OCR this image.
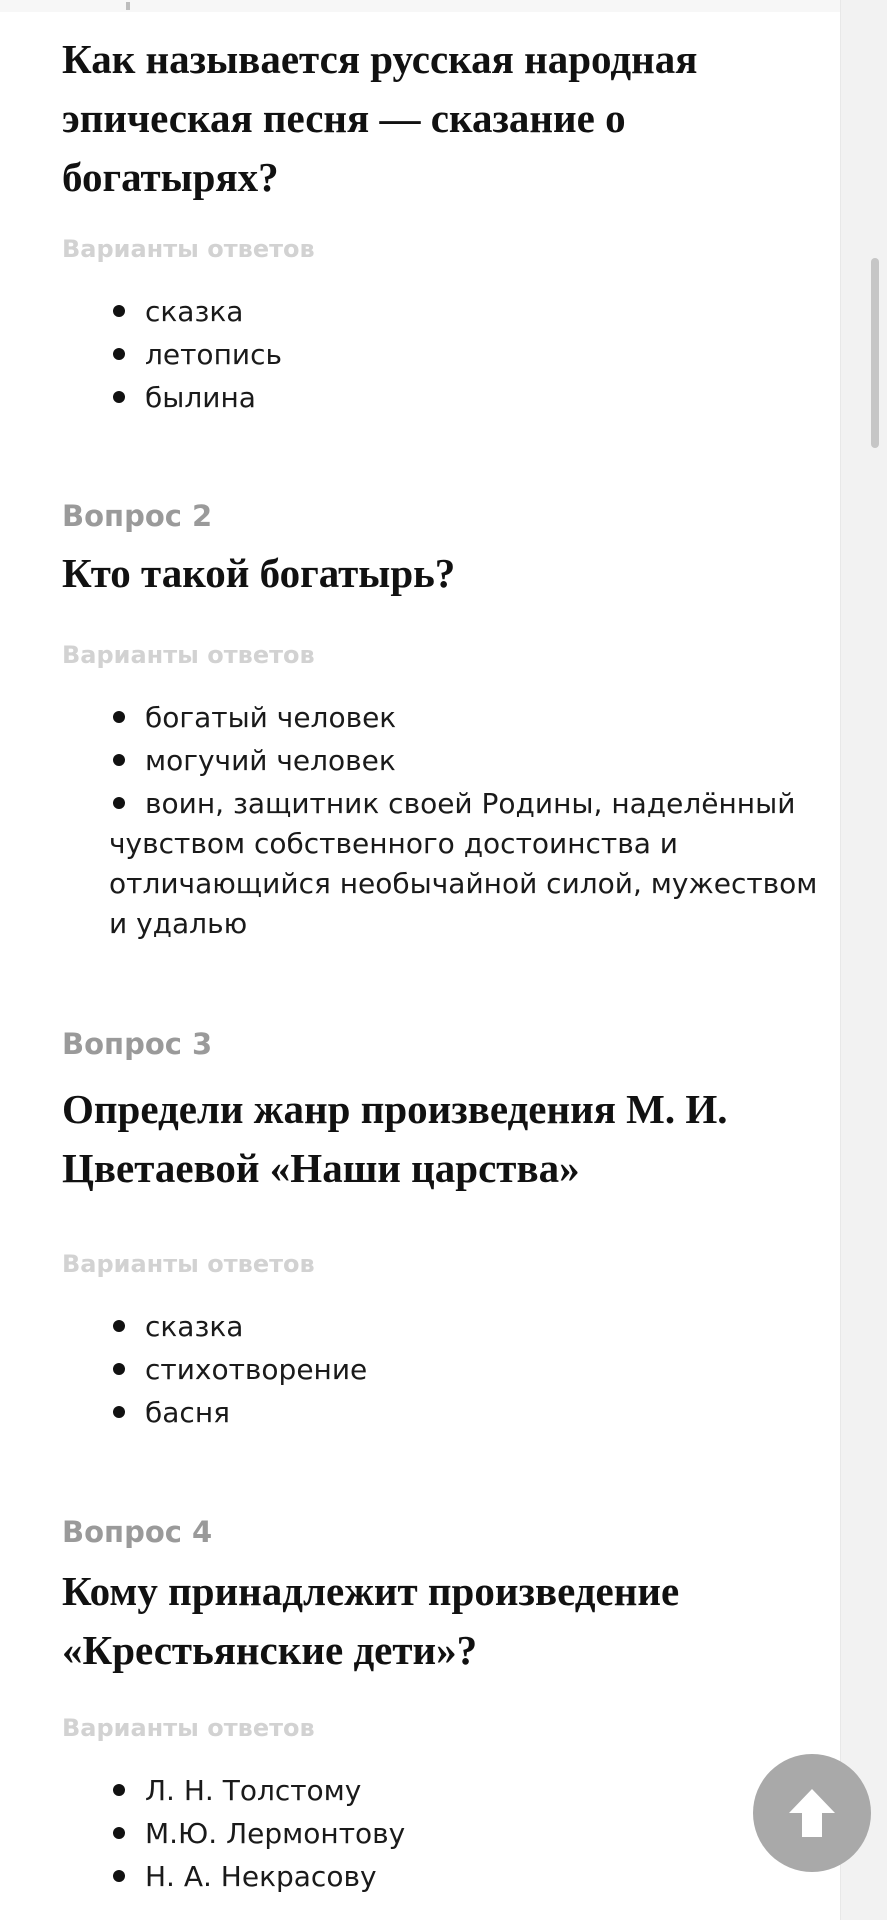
Как называется русская народная эпическая песня — сказание о богатырях?
Варианты ответов
сказка
летопись
былина
Вопрос 2
Кто такой богатырь?
Варианты ответов
богатый человек
могучий человек
воин, защитник своей Родины, наделённый чувством собственного достоинства и отличающийся необычайной силой, мужеством и удалью
Вопрос 3
Определи жанр произведения М. И. Цветаевой «Наши царства»
Варианты ответов
сказка
стихотворение
басня
Вопрос 4
Кому принадлежит произведение «Крестьянские дети»?
Варианты ответов
Л. Н. Толстому
М.Ю. Лермонтову
Н. А. Некрасову
